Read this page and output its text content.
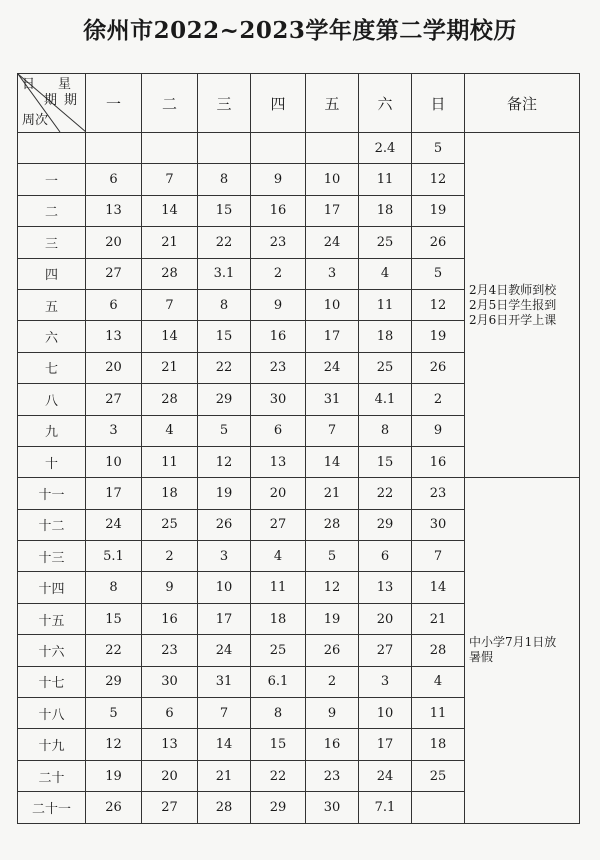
徐州市2022~2023学年度第二学期校历
日 星
期 期
周次	一	二	三	四	五	六	日	备注
						2.4	5	2月4日教师到校
2月5日学生报到
2月6日开学上课

一	6	7	8	9	10	11	12	
二	13	14	15	16	17	18	19	
三	20	21	22	23	24	25	26	
四	27	28	3.1	2	3	4	5	
五	6	7	8	9	10	11	12	
六	13	14	15	16	17	18	19	
七	20	21	22	23	24	25	26	
八	27	28	29	30	31	4.1	2	
九	3	4	5	6	7	8	9	
十	10	11	12	13	14	15	16	
十一	17	18	19	20	21	22	23	中小学7月1日放
暑假

十二	24	25	26	27	28	29	30	
十三	5.1	2	3	4	5	6	7	
十四	8	9	10	11	12	13	14	
十五	15	16	17	18	19	20	21	
十六	22	23	24	25	26	27	28	
十七	29	30	31	6.1	2	3	4	
十八	5	6	7	8	9	10	11	
十九	12	13	14	15	16	17	18	
二十	19	20	21	22	23	24	25	
二十一	26	27	28	29	30	7.1		
